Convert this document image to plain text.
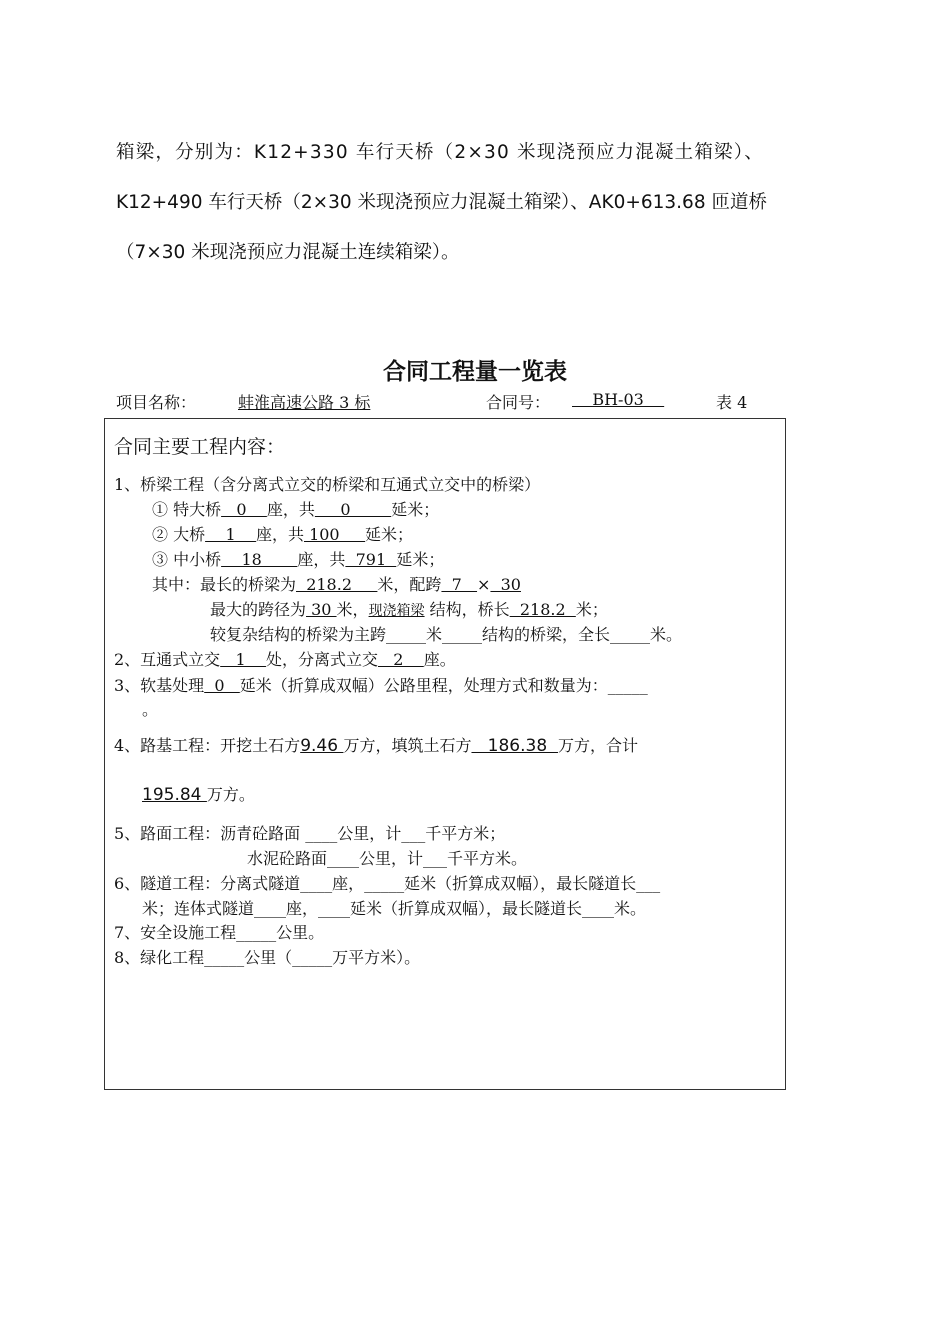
箱梁，分别为：K12+330 车行天桥（2×30 米现浇预应力混凝土箱梁）、
K12+490 车行天桥（2×30 米现浇预应力混凝土箱梁）、AK0+613.68 匝道桥
（7×30 米现浇预应力混凝土连续箱梁）。
合同工程量一览表
项目名称：	蚌淮高速公路 3 标	合同号： BH-03	表 4
合同主要工程内容：
1、桥梁工程（含分离式立交的桥梁和互通式立交中的桥梁）
① 特大桥   0    座，共     0        延米；
② 大桥    1    座，共 100     延米；
③ 中小桥    18       座，共  791  延米；
其中：最长的桥梁为  218.2     米，配跨  7   ×  30
最大的跨径为 30 米，现浇箱梁 结构，桥长  218.2  米；
较复杂结构的桥梁为主跨_____米_____结构的桥梁，全长_____米。
2、互通式立交   1    处，分离式立交   2    座。
3、软基处理  0   延米（折算成双幅）公路里程，处理方式和数量为：_____
。
4、路基工程：开挖土石方9.46 万方，填筑土石方   186.38  万方，合计
195.84 万方。
5、路面工程：沥青砼路面 ____公里，计___千平方米；
水泥砼路面____公里，计___千平方米。
6、隧道工程：分离式隧道____座，_____延米（折算成双幅），最长隧道长___
米；连体式隧道____座，____延米（折算成双幅），最长隧道长____米。
7、安全设施工程_____公里。
8、绿化工程_____公里（_____万平方米）。
